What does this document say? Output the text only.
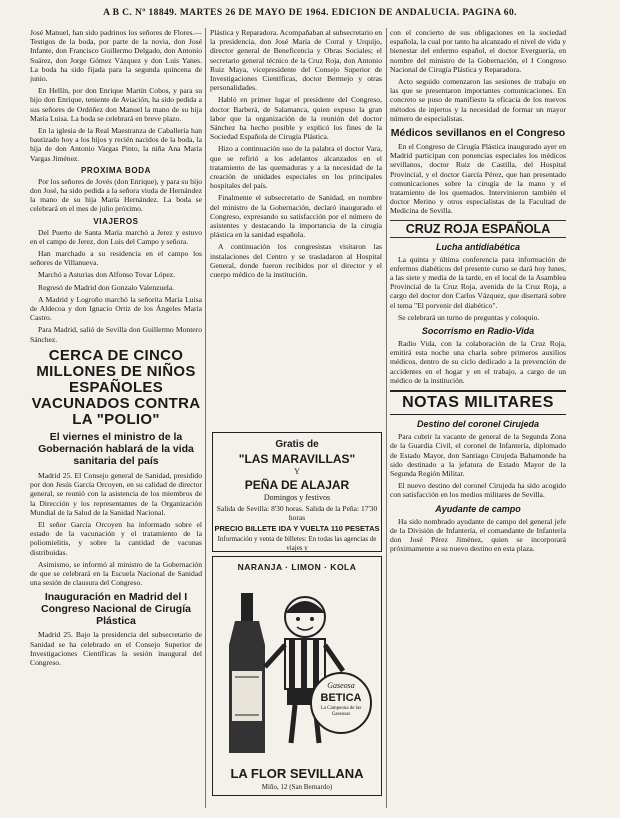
A B C. Nº 18849. MARTES 26 DE MAYO DE 1964. EDICION DE ANDALUCIA. PAGINA 60.

José Manuel, han sido padrinos los señores de Flores.—Testigos de la boda, por parte de la novia, don José Infante, don Francisco Guillermo Delgado, don Antonio Suárez, don Jorge Gómez Vázquez y don Luis Yanes. La boda ha sido fijada para la segunda quincena de junio.

En Hellín, por don Enrique Martín Cobos, y para su hijo don Enrique, teniente de Aviación, ha sido pedida a sus señores de Ordóñez don Manuel la mano de su hija María Luisa. La boda se celebrará en breve plazo.

En la iglesia de la Real Maestranza de Caballería han bautizado hoy a los hijos y recién nacidos de la boda, la hija de don Antonio Vargas Pinto, la niña Ana María Vargas Jiménez.

PROXIMA BODA

Por los señores de Jovés (don Enrique), y para su hijo don José, ha sido pedida a la señora viuda de Hernández la mano de su hija María Hernández. La boda se celebrará en el mes de julio próximo.

VIAJEROS

Del Puerto de Santa María marchó a Jerez y estuvo en el campo de Jerez, don Luis del Campo y señora.

Han marchado a su residencia en el campo los señores de Villanueva.

Marchó a Asturias don Alfonso Tovar López.

Regresó de Madrid don Gonzalo Valenzuela.

A Madrid y Logroño marchó la señorita María Luisa de Aldecoa y don Ignacio Ortiz de los Ángeles María Castro.

Para Madrid, salió de Sevilla don Guillermo Montero Sánchez.

CERCA DE CINCO MILLONES DE NIÑOS ESPAÑOLES VACUNADOS CONTRA LA "POLIO"
El viernes el ministro de la Gobernación hablará de la vida sanitaria del país

Madrid 25. El Consejo general de Sanidad, presidido por don Jesús García Orcoyen, en su calidad de director general, se reunió con la asistencia de los miembros de la Dirección y los representantes de la Organización Mundial de la Salud de la Sanidad Nacional.

El señor García Orcoyen ha informado sobre el estado de la vacunación y el tratamiento de la poliomielitis, y sobre la cantidad de vacunas distribuidas.

Asimismo, se informó al ministro de la Gobernación de que se celebrará en la Escuela Nacional de Sanidad una sesión de clausura del Congreso.

Inauguración en Madrid del I Congreso Nacional de Cirugía Plástica

Madrid 25. Bajo la presidencia del subsecretario de Sanidad se ha celebrado en el Consejo Superior de Investigaciones Científicas la sesión inaugural del Congreso.

Plástica y Reparadora. Acompañaban al subsecretario en la presidencia, don José María de Corral y Urquijo, director general de Beneficencia y Obras Sociales; el secretario general técnico de la Cruz Roja, don Antonio Ruiz Maya, vicepresidente del Consejo Superior de Investigaciones Científicas, doctor Bermejo y otras personalidades.

Habló en primer lugar el presidente del Congreso, doctor Barberá, de Salamanca, quien expuso la gran labor que la organización de la reunión del doctor Sánchez ha hecho posible y explicó los fines de la Sociedad Española de Cirugía Plástica.

Hizo a continuación uso de la palabra el doctor Vara, que se refirió a los adelantos alcanzados en el tratamiento de las quemaduras y a la necesidad de la creación de unidades especiales en los principales hospitales del país.

Finalmente el subsecretario de Sanidad, en nombre del ministro de la Gobernación, declaró inaugurado el Congreso, expresando su satisfacción por el número de asistentes y destacando la importancia de la cirugía plástica en la sanidad española.

A continuación los congresistas visitaron las instalaciones del Centro y se trasladaron al Hospital General, donde fueron recibidos por el director y el cuerpo médico de la institución.

Gratis de
"LAS MARAVILLAS"
Y
PEÑA DE ALAJAR
Domingos y festivos
Salida de Sevilla: 8'30 horas. Salida de la Peña: 17'30 horas
PRECIO BILLETE IDA Y VUELTA 110 PESETAS
Información y venta de billetes: En todas las agencias de viajes y
NARANJA · LIMON · KOLA
Gaseosa
BETICA
La Campeona de las Gaseosas
LA FLOR SEVILLANA
Miño, 12 (San Bernardo)

con el concierto de sus obligaciones en la sociedad española, la cual por tanto ha alcanzado el nivel de vida y bienestar del enfermo español, el doctor Everguería, en nombre del ministro de la Gobernación, el I Congreso Nacional de Cirugía Plástica y Reparadora.

Acto seguido comenzaron las sesiones de trabajo en las que se presentaron importantes comunicaciones. En concreto se puso de manifiesto la eficacia de los nuevos métodos de injertos y la necesidad de formar un mayor número de especialistas.

Médicos sevillanos en el Congreso

En el Congreso de Cirugía Plástica inaugurado ayer en Madrid participan con ponencias especiales los médicos sevillanos, doctor Ruiz de Castilla, del Hospital Provincial, y el doctor García Pérez, que han presentado comunicaciones sobre la cirugía de la mano y el tratamiento de los quemados. Intervinieron también el doctor Merino y otros especialistas de la Facultad de Medicina de Sevilla.

CRUZ ROJA ESPAÑOLA
Lucha antidiabética

La quinta y última conferencia para información de enfermos diabéticos del presente curso se dará hoy lunes, a las siete y media de la tarde, en el local de la Asamblea Provincial de la Cruz Roja, avenida de la Cruz Roja, a cargo del doctor don Carlos Vázquez, que disertará sobre el tema "El porvenir del diabético".

Se celebrará un turno de preguntas y coloquio.

Socorrismo en Radio-Vida

Radio Vida, con la colaboración de la Cruz Roja, emitirá esta noche una charla sobre primeros auxilios médicos, dentro de su ciclo dedicado a la prevención de accidentes en el hogar y en el trabajo, a cargo de un médico de la institución.

NOTAS MILITARES
Destino del coronel Cirujeda

Para cubrir la vacante de general de la Segunda Zona de la Guardia Civil, el coronel de Infantería, diplomado de Estado Mayor, don Santiago Cirujeda Bahamonde ha sido destinado a la jefatura de Estado Mayor de la Segunda Región Militar.

El nuevo destino del coronel Cirujeda ha sido acogido con satisfacción en los medios militares de Sevilla.

Ayudante de campo

Ha sido nombrado ayudante de campo del general jefe de la División de Infantería, el comandante de Infantería don José Pérez Jiménez, quien se incorporará próximamente a su nuevo destino en esta plaza.
